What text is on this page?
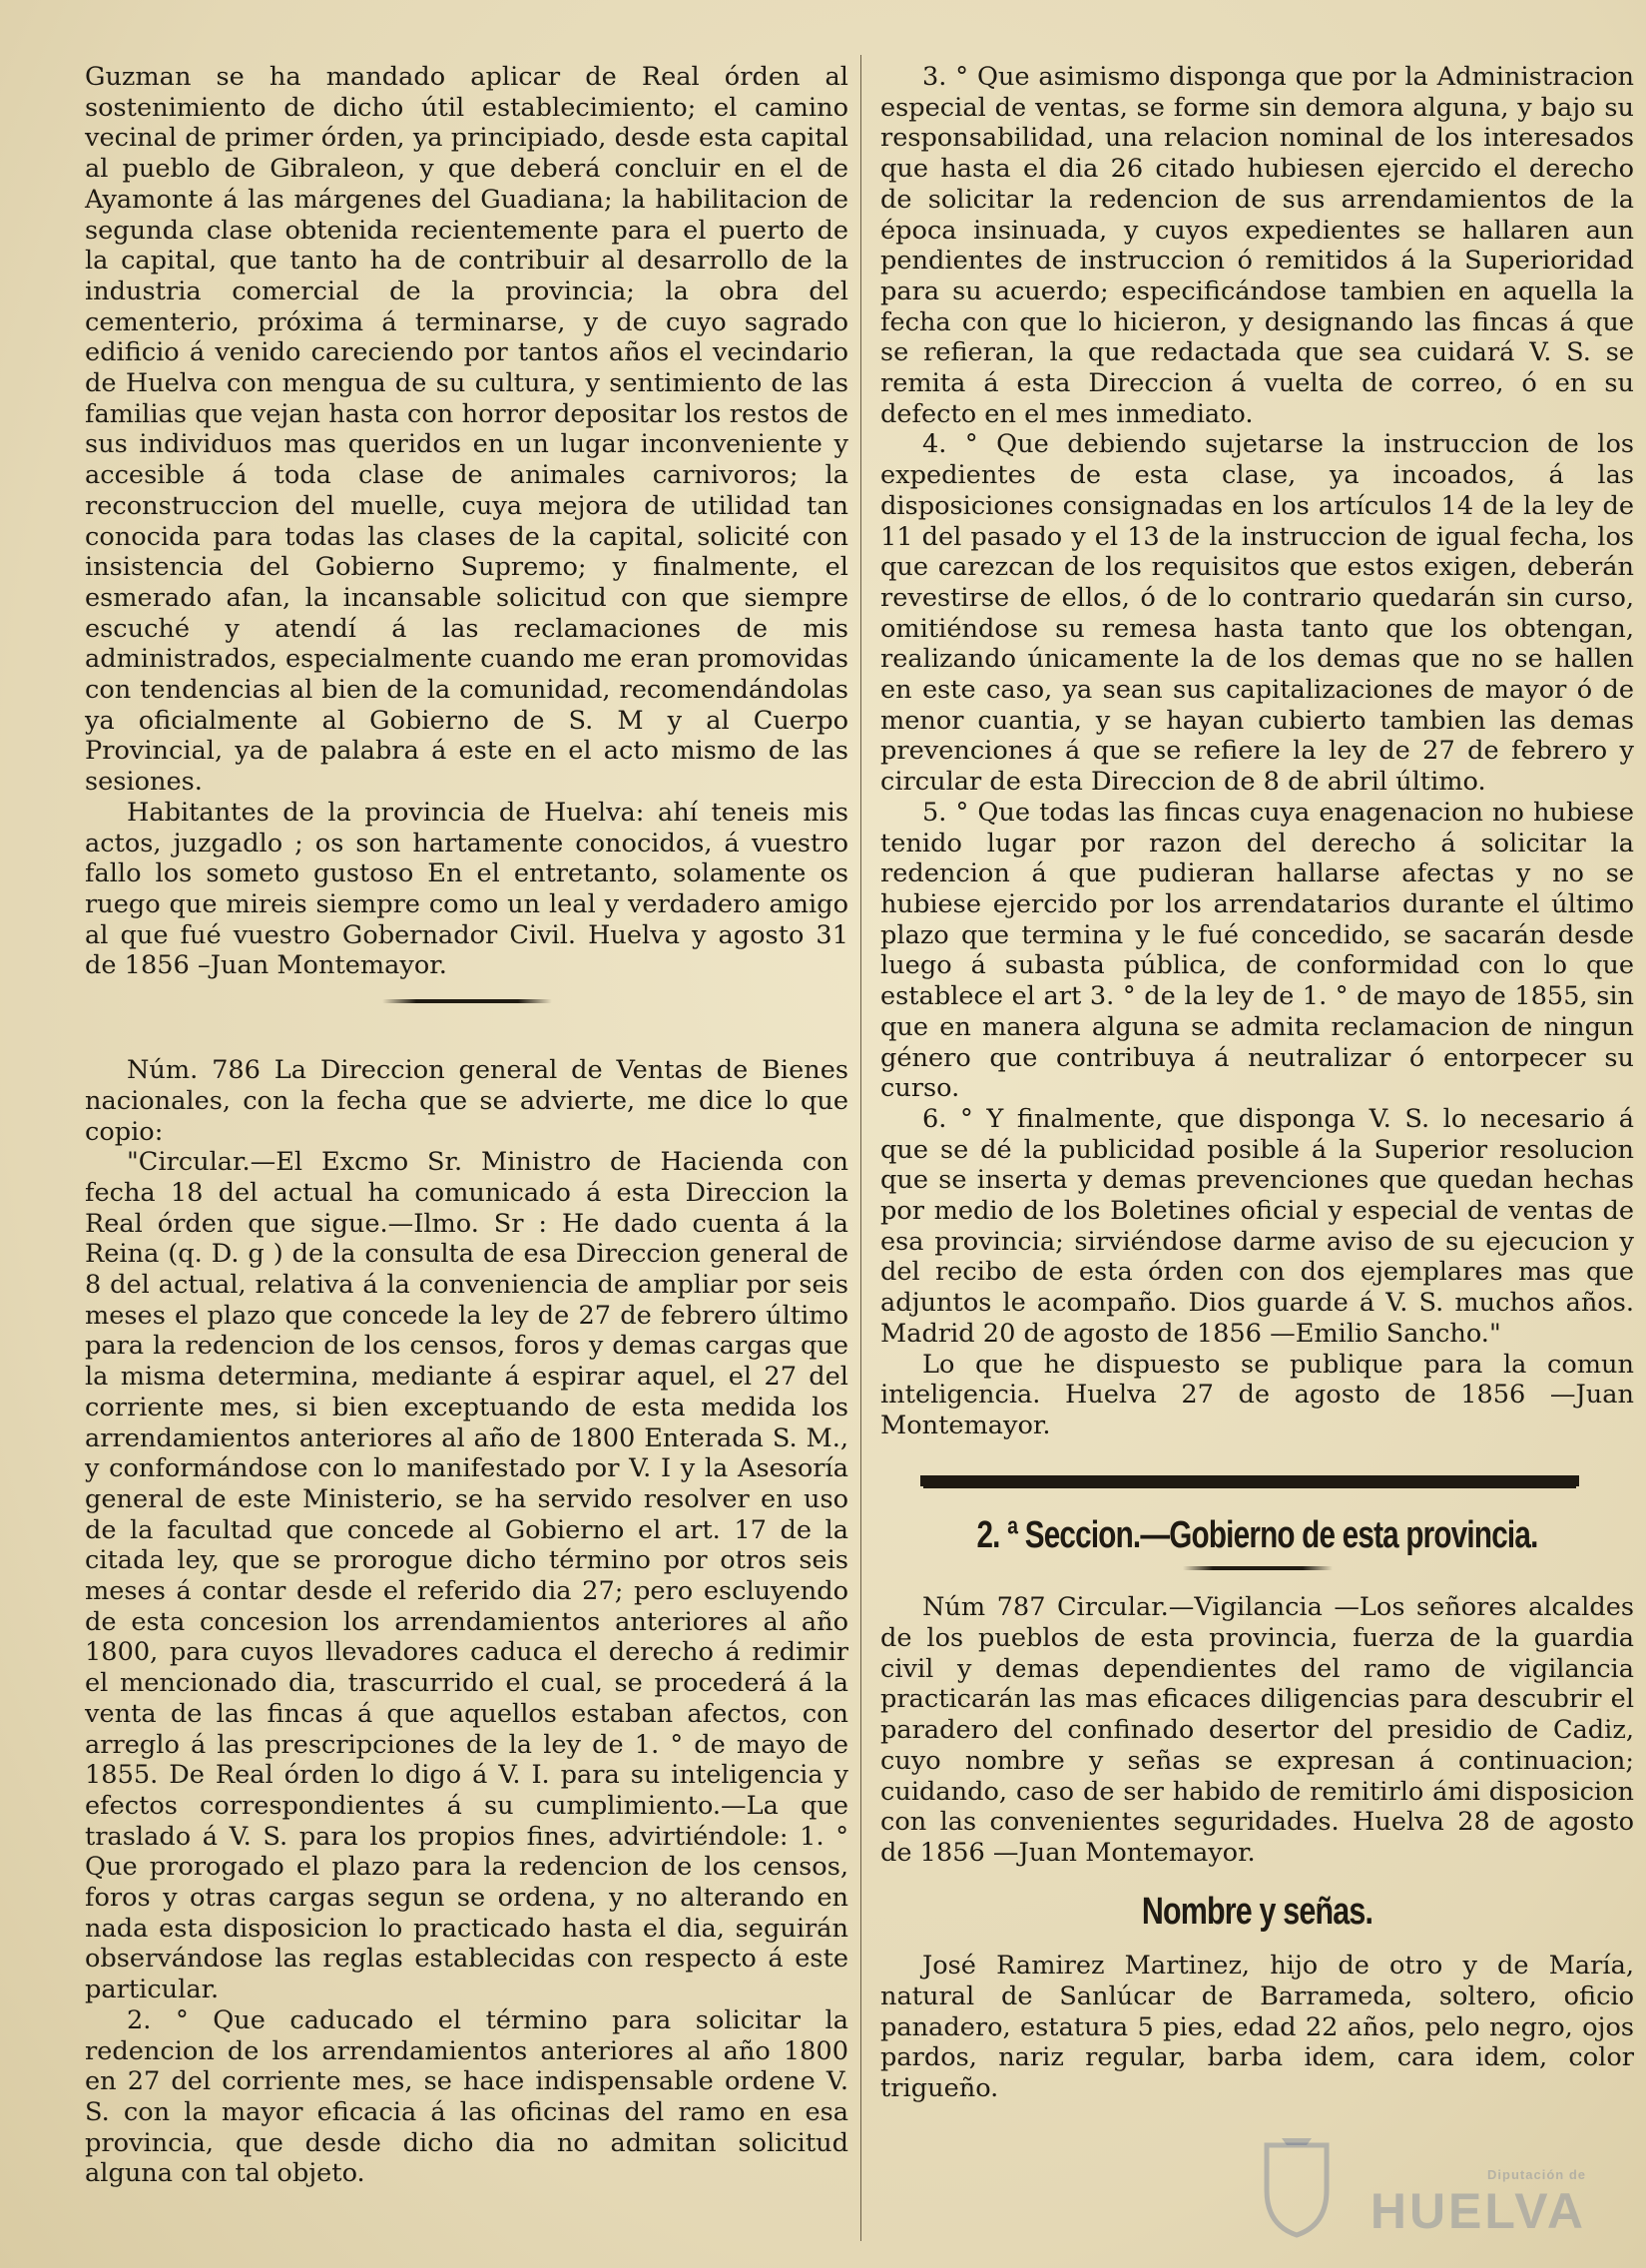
Guzman se ha mandado aplicar de Real órden al sostenimiento de dicho útil establecimiento; el camino vecinal de primer órden, ya principiado, desde esta capital al pueblo de Gibraleon, y que deberá concluir en el de Ayamonte á las márgenes del Guadiana; la habilitacion de segunda clase obtenida recientemente para el puerto de la capital, que tanto ha de contribuir al desarrollo de la industria comercial de la provincia; la obra del cementerio, próxima á terminarse, y de cuyo sagrado edificio á venido careciendo por tantos años el vecindario de Huelva con mengua de su cultura, y sentimiento de las familias que vejan hasta con horror depositar los restos de sus individuos mas queridos en un lugar inconveniente y accesible á toda clase de animales carnivoros; la reconstruccion del muelle, cuya mejora de utilidad tan conocida para todas las clases de la capital, solicité con insistencia del Gobierno Supremo; y finalmente, el esmerado afan, la incansable solicitud con que siempre escuché y atendí á las reclamaciones de mis administrados, especialmente cuando me eran promovidas con tendencias al bien de la comunidad, recomendándolas ya oficialmente al Gobierno de S. M y al Cuerpo Provincial, ya de palabra á este en el acto mismo de las sesiones.

Habitantes de la provincia de Huelva: ahí teneis mis actos, juzgadlo ; os son hartamente conocidos, á vuestro fallo los someto gustoso En el entretanto, solamente os ruego que mireis siempre como un leal y verdadero amigo al que fué vuestro Gobernador Civil. Huelva y agosto 31 de 1856 –Juan Montemayor.

Núm. 786 La Direccion general de Ventas de Bienes nacionales, con la fecha que se advierte, me dice lo que copio:

"Circular.—El Excmo Sr. Ministro de Hacienda con fecha 18 del actual ha comunicado á esta Direccion la Real órden que sigue.—Ilmo. Sr : He dado cuenta á la Reina (q. D. g ) de la consulta de esa Direccion general de 8 del actual, relativa á la conveniencia de ampliar por seis meses el plazo que concede la ley de 27 de febrero último para la redencion de los censos, foros y demas cargas que la misma determina, mediante á espirar aquel, el 27 del corriente mes, si bien exceptuando de esta medida los arrendamientos anteriores al año de 1800 Enterada S. M., y conformándose con lo manifestado por V. I y la Asesoría general de este Ministerio, se ha servido resolver en uso de la facultad que concede al Gobierno el art. 17 de la citada ley, que se prorogue dicho término por otros seis meses á contar desde el referido dia 27; pero escluyendo de esta concesion los arrendamientos anteriores al año 1800, para cuyos llevadores caduca el derecho á redimir el mencionado dia, trascurrido el cual, se procederá á la venta de las fincas á que aquellos estaban afectos, con arreglo á las prescripciones de la ley de 1. ° de mayo de 1855. De Real órden lo digo á V. I. para su inteligencia y efectos correspondientes á su cumplimiento.—La que traslado á V. S. para los propios fines, advirtiéndole: 1. ° Que prorogado el plazo para la redencion de los censos, foros y otras cargas segun se ordena, y no alterando en nada esta disposicion lo practicado hasta el dia, seguirán observándose las reglas establecidas con respecto á este particular.

2. ° Que caducado el término para solicitar la redencion de los arrendamientos anteriores al año 1800 en 27 del corriente mes, se hace indispensable ordene V. S. con la mayor eficacia á las oficinas del ramo en esa provincia, que desde dicho dia no admitan solicitud alguna con tal objeto.

3. ° Que asimismo disponga que por la Administracion especial de ventas, se forme sin demora alguna, y bajo su responsabilidad, una relacion nominal de los interesados que hasta el dia 26 citado hubiesen ejercido el derecho de solicitar la redencion de sus arrendamientos de la época insinuada, y cuyos expedientes se hallaren aun pendientes de instruccion ó remitidos á la Superioridad para su acuerdo; especificándose tambien en aquella la fecha con que lo hicieron, y designando las fincas á que se refieran, la que redactada que sea cuidará V. S. se remita á esta Direccion á vuelta de correo, ó en su defecto en el mes inmediato.

4. ° Que debiendo sujetarse la instruccion de los expedientes de esta clase, ya incoados, á las disposiciones consignadas en los artículos 14 de la ley de 11 del pasado y el 13 de la instruccion de igual fecha, los que carezcan de los requisitos que estos exigen, deberán revestirse de ellos, ó de lo contrario quedarán sin curso, omitiéndose su remesa hasta tanto que los obtengan, realizando únicamente la de los demas que no se hallen en este caso, ya sean sus capitalizaciones de mayor ó de menor cuantia, y se hayan cubierto tambien las demas prevenciones á que se refiere la ley de 27 de febrero y circular de esta Direccion de 8 de abril último.

5. ° Que todas las fincas cuya enagenacion no hubiese tenido lugar por razon del derecho á solicitar la redencion á que pudieran hallarse afectas y no se hubiese ejercido por los arrendatarios durante el último plazo que termina y le fué concedido, se sacarán desde luego á subasta pública, de conformidad con lo que establece el art 3. ° de la ley de 1. ° de mayo de 1855, sin que en manera alguna se admita reclamacion de ningun género que contribuya á neutralizar ó entorpecer su curso.

6. ° Y finalmente, que disponga V. S. lo necesario á que se dé la publicidad posible á la Superior resolucion que se inserta y demas prevenciones que quedan hechas por medio de los Boletines oficial y especial de ventas de esa provincia; sirviéndose darme aviso de su ejecucion y del recibo de esta órden con dos ejemplares mas que adjuntos le acompaño. Dios guarde á V. S. muchos años. Madrid 20 de agosto de 1856 —Emilio Sancho."

Lo que he dispuesto se publique para la comun inteligencia. Huelva 27 de agosto de 1856 —Juan Montemayor.

2. ª Seccion.—Gobierno de esta provincia.

Núm 787 Circular.—Vigilancia —Los señores alcaldes de los pueblos de esta provincia, fuerza de la guardia civil y demas dependientes del ramo de vigilancia practicarán las mas eficaces diligencias para descubrir el paradero del confinado desertor del presidio de Cadiz, cuyo nombre y señas se expresan á continuacion; cuidando, caso de ser habido de remitirlo ámi disposicion con las convenientes seguridades. Huelva 28 de agosto de 1856 —Juan Montemayor.

Nombre y señas.

José Ramirez Martinez, hijo de otro y de María, natural de Sanlúcar de Barrameda, soltero, oficio panadero, estatura 5 pies, edad 22 años, pelo negro, ojos pardos, nariz regular, barba idem, cara idem, color trigueño.

Diputación de
HUELVA
